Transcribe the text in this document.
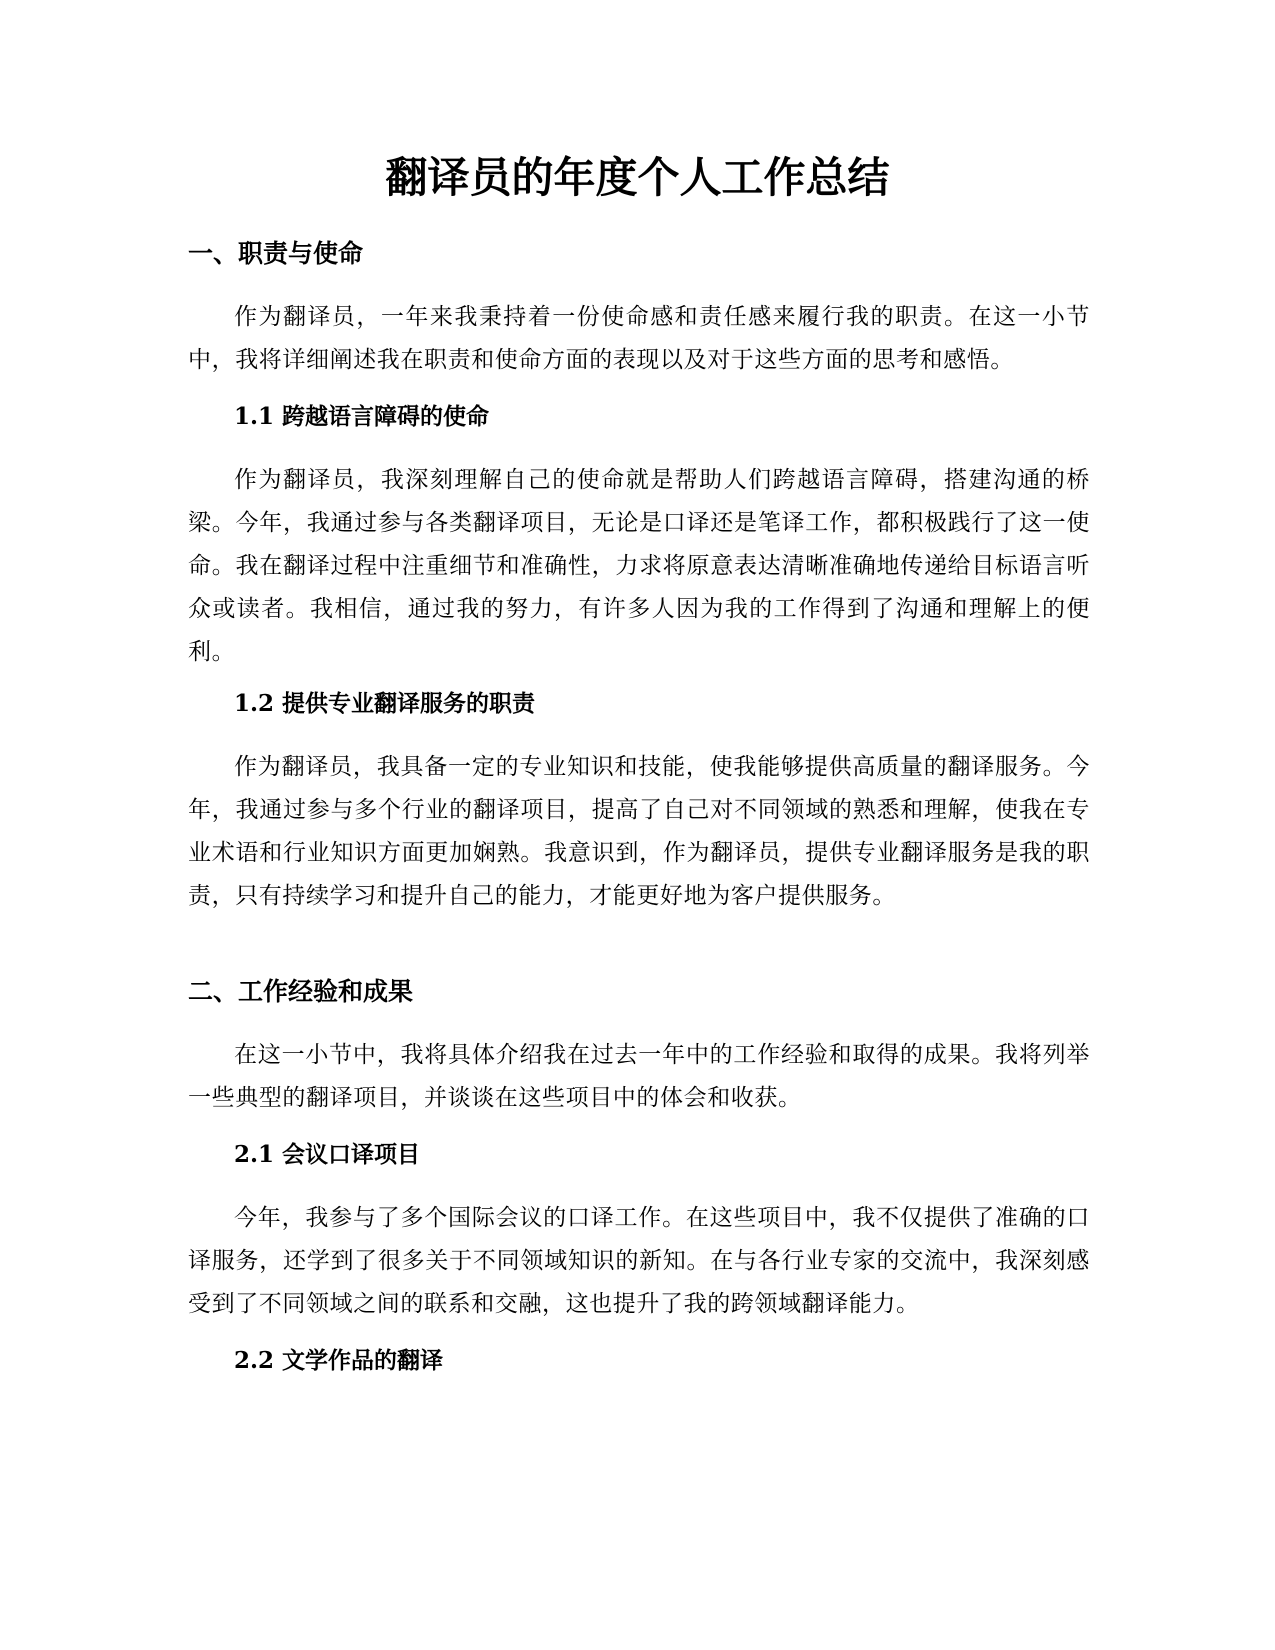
翻译员的年度个人工作总结
一、职责与使命

作为翻译员，一年来我秉持着一份使命感和责任感来履行我的职责。在这一小节中，我将详细阐述我在职责和使命方面的表现以及对于这些方面的思考和感悟。

1.1 跨越语言障碍的使命

作为翻译员，我深刻理解自己的使命就是帮助人们跨越语言障碍，搭建沟通的桥梁。今年，我通过参与各类翻译项目，无论是口译还是笔译工作，都积极践行了这一使命。我在翻译过程中注重细节和准确性，力求将原意表达清晰准确地传递给目标语言听众或读者。我相信，通过我的努力，有许多人因为我的工作得到了沟通和理解上的便利。

1.2 提供专业翻译服务的职责

作为翻译员，我具备一定的专业知识和技能，使我能够提供高质量的翻译服务。今年，我通过参与多个行业的翻译项目，提高了自己对不同领域的熟悉和理解，使我在专业术语和行业知识方面更加娴熟。我意识到，作为翻译员，提供专业翻译服务是我的职责，只有持续学习和提升自己的能力，才能更好地为客户提供服务。

二、工作经验和成果

在这一小节中，我将具体介绍我在过去一年中的工作经验和取得的成果。我将列举一些典型的翻译项目，并谈谈在这些项目中的体会和收获。

2.1 会议口译项目

今年，我参与了多个国际会议的口译工作。在这些项目中，我不仅提供了准确的口译服务，还学到了很多关于不同领域知识的新知。在与各行业专家的交流中，我深刻感受到了不同领域之间的联系和交融，这也提升了我的跨领域翻译能力。

2.2 文学作品的翻译
